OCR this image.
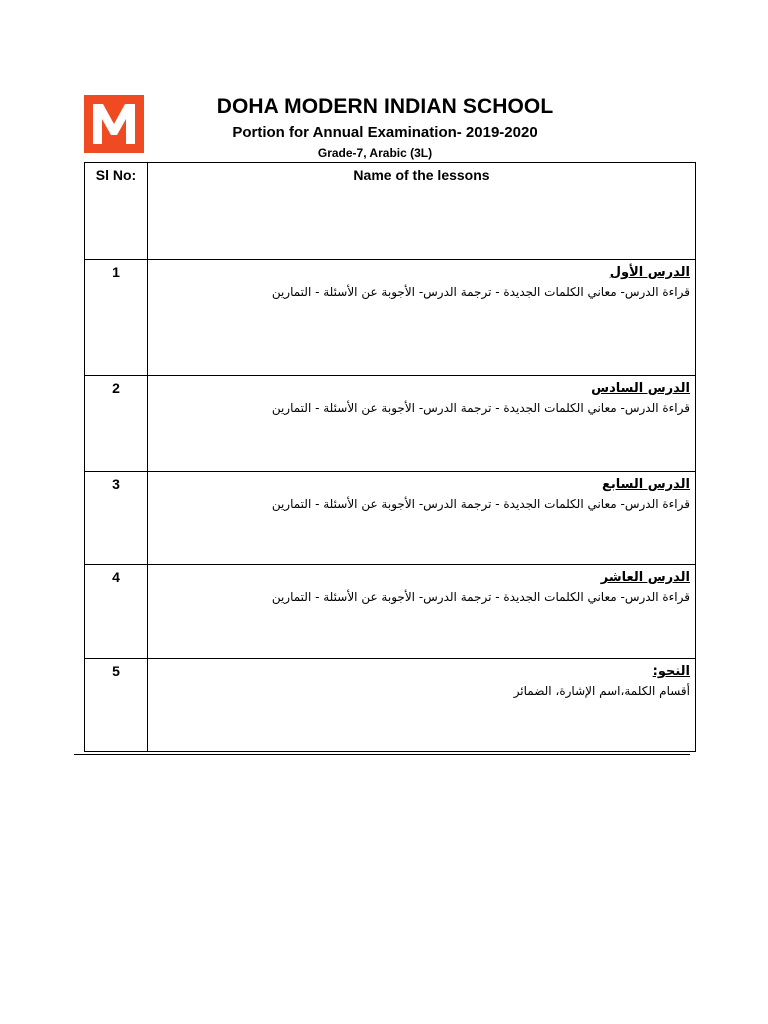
DOHA MODERN INDIAN SCHOOL
Portion for Annual Examination- 2019-2020
Grade-7, Arabic (3L)
Sl No:	Name of the lessons
1	الدرس الأول
قراءة الدرس- معاني الكلمات الجديدة - ترجمة الدرس- الأجوبة عن الأسئلة - التمارين

2	الدرس السادس
قراءة الدرس- معاني الكلمات الجديدة - ترجمة الدرس- الأجوبة عن الأسئلة - التمارين

3	الدرس السابع
قراءة الدرس- معاني الكلمات الجديدة - ترجمة الدرس- الأجوبة عن الأسئلة - التمارين

4	الدرس العاشر
قراءة الدرس- معاني الكلمات الجديدة - ترجمة الدرس- الأجوبة عن الأسئلة - التمارين

5	النحو:
أقسام الكلمة،اسم الإشارة، الضمائر
